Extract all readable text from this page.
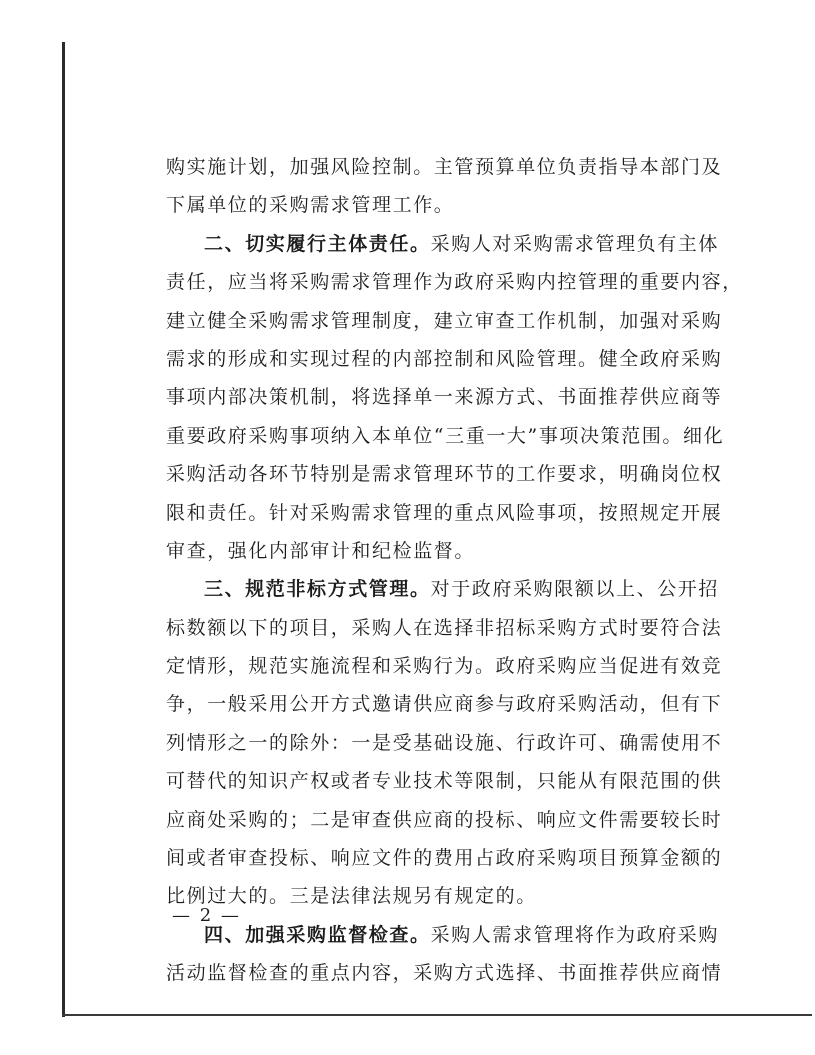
购实施计划，加强风险控制。主管预算单位负责指导本部门及
下属单位的采购需求管理工作。
二、切实履行主体责任。采购人对采购需求管理负有主体
责任，应当将采购需求管理作为政府采购内控管理的重要内容，
建立健全采购需求管理制度，建立审查工作机制，加强对采购
需求的形成和实现过程的内部控制和风险管理。健全政府采购
事项内部决策机制，将选择单一来源方式、书面推荐供应商等
重要政府采购事项纳入本单位“三重一大”事项决策范围。细化
采购活动各环节特别是需求管理环节的工作要求，明确岗位权
限和责任。针对采购需求管理的重点风险事项，按照规定开展
审查，强化内部审计和纪检监督。
三、规范非标方式管理。对于政府采购限额以上、公开招
标数额以下的项目，采购人在选择非招标采购方式时要符合法
定情形，规范实施流程和采购行为。政府采购应当促进有效竞
争，一般采用公开方式邀请供应商参与政府采购活动，但有下
列情形之一的除外：一是受基础设施、行政许可、确需使用不
可替代的知识产权或者专业技术等限制，只能从有限范围的供
应商处采购的；二是审查供应商的投标、响应文件需要较长时
间或者审查投标、响应文件的费用占政府采购项目预算金额的
比例过大的。三是法律法规另有规定的。
四、加强采购监督检查。采购人需求管理将作为政府采购
活动监督检查的重点内容，采购方式选择、书面推荐供应商情
— 2 —
